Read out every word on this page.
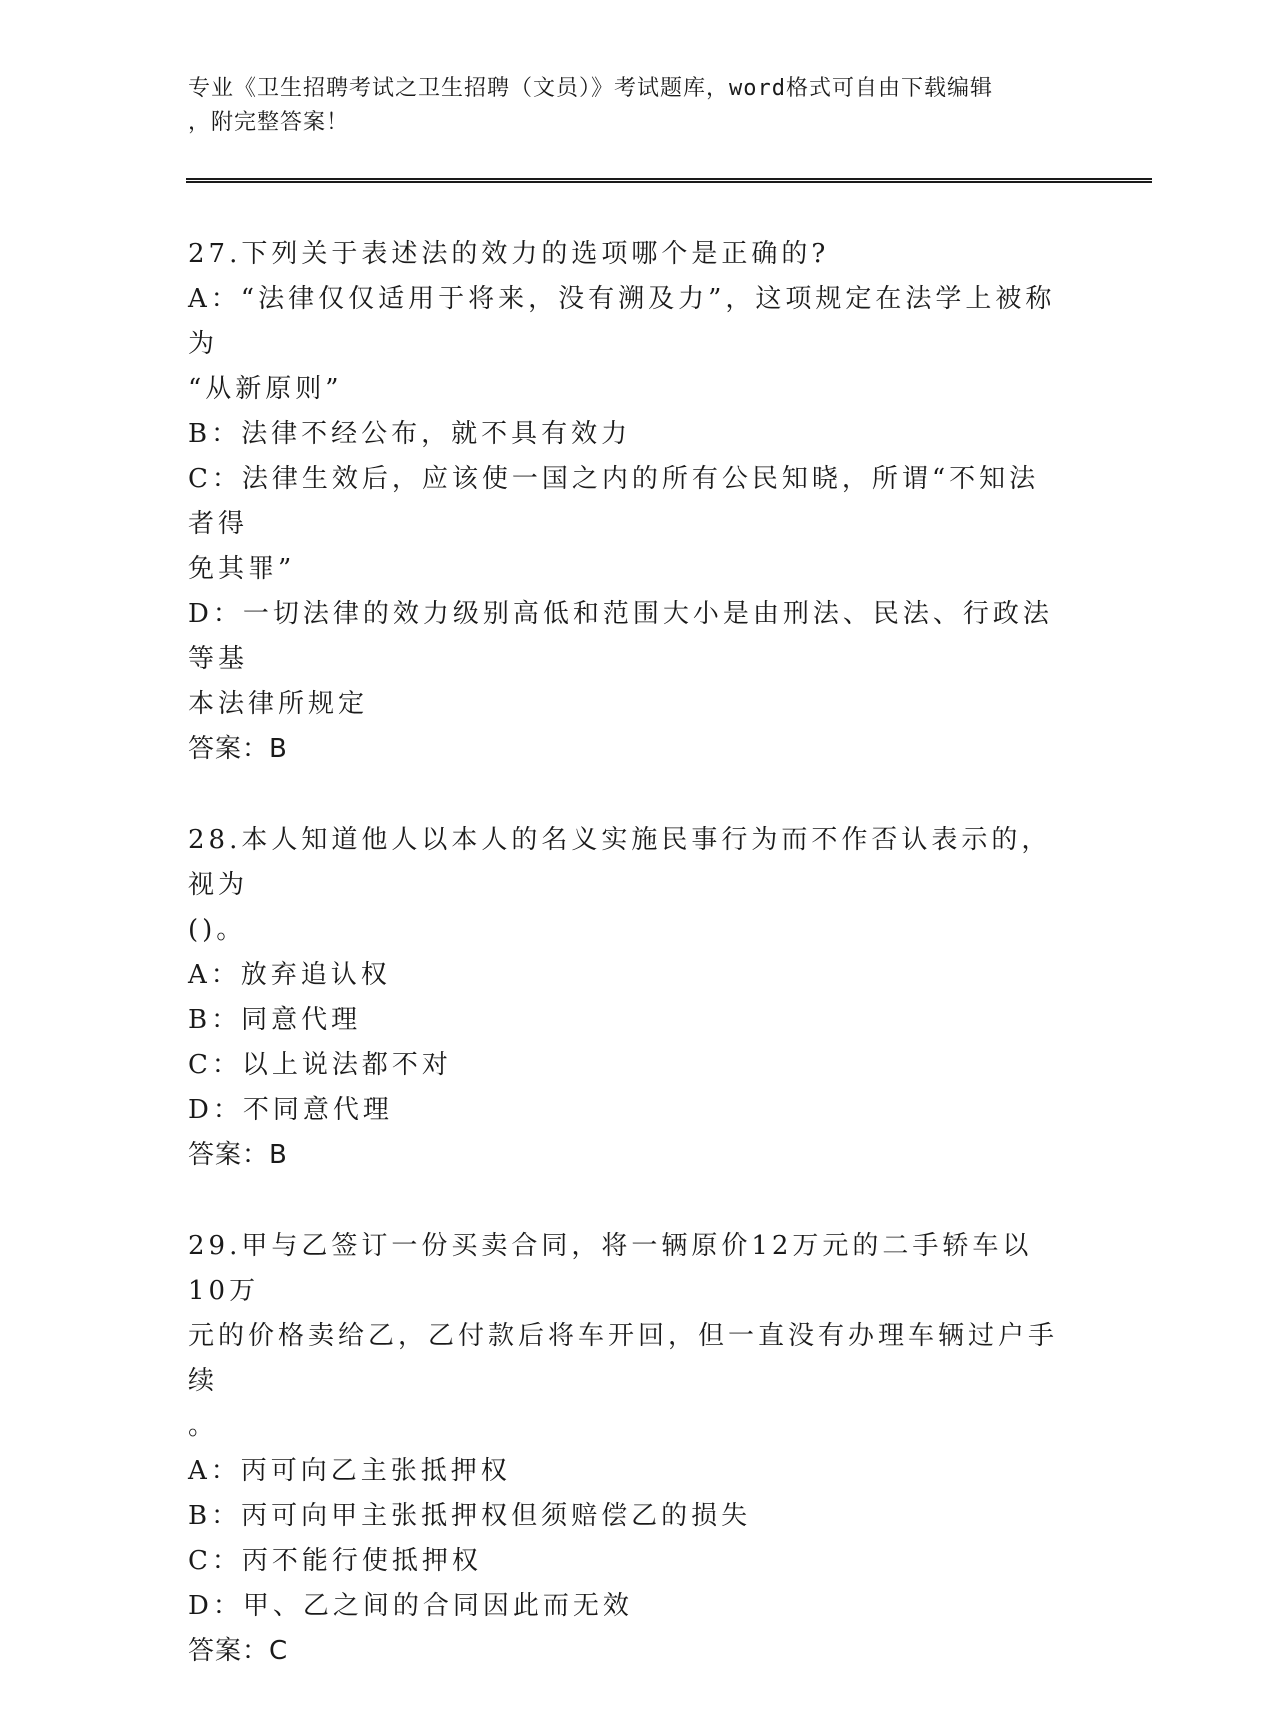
专业《卫生招聘考试之卫生招聘（文员）》考试题库，word格式可自由下载编辑
，附完整答案！
27.下列关于表述法的效力的选项哪个是正确的?
A：“法律仅仅适用于将来，没有溯及力”，这项规定在法学上被称为
“从新原则”
B：法律不经公布，就不具有效力
C：法律生效后，应该使一国之内的所有公民知晓，所谓“不知法者得
免其罪”
D：一切法律的效力级别高低和范围大小是由刑法、民法、行政法等基
本法律所规定
答案：B
28.本人知道他人以本人的名义实施民事行为而不作否认表示的，视为
()。
A：放弃追认权
B：同意代理
C：以上说法都不对
D：不同意代理
答案：B
29.甲与乙签订一份买卖合同，将一辆原价12万元的二手轿车以10万
元的价格卖给乙，乙付款后将车开回，但一直没有办理车辆过户手续
。
A：丙可向乙主张抵押权
B：丙可向甲主张抵押权但须赔偿乙的损失
C：丙不能行使抵押权
D：甲、乙之间的合同因此而无效
答案：C
